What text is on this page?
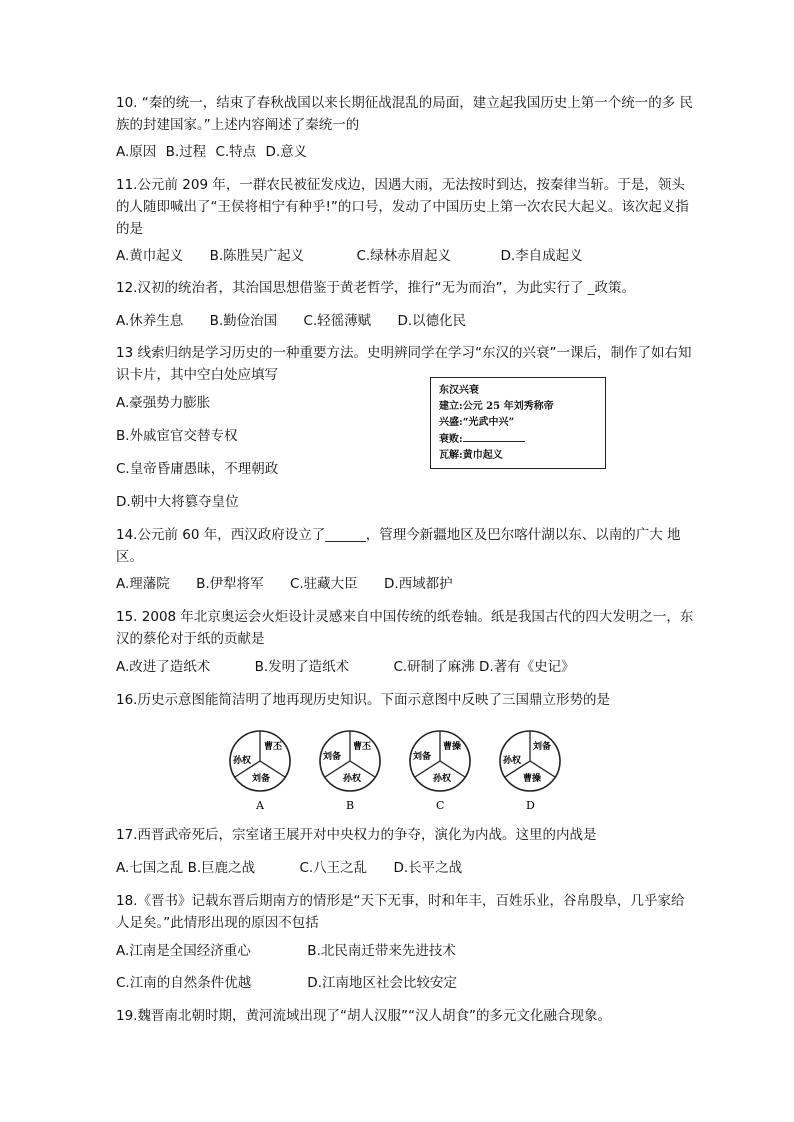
10. “秦的统一，结束了春秋战国以来长期征战混乱的局面，建立起我国历史上第一个统一的多 民族的封建国家。”上述内容阐述了秦统一的
A.原因 B.过程 C.特点 D.意义
11.公元前 209 年，一群农民被征发戍边，因遇大雨，无法按时到达，按秦律当斩。于是，领头的人随即喊出了“王侯将相宁有种乎!”的口号，发动了中国历史上第一次农民大起义。该次起义指的是
A.黄巾起义 B.陈胜吴广起义	C.绿林赤眉起义	D.李自成起义
12.汉初的统治者，其治国思想借鉴于黄老哲学，推行“无为而治”，为此实行了 _政策。
A.休养生息 B.勤俭治国 C.轻徭薄赋 D.以德化民
13 线索归纳是学习历史的一种重要方法。史明辨同学在学习“东汉的兴衰”一课后，制作了如右知识卡片，其中空白处应填写
A.豪强势力膨胀
B.外戚宦官交替专权
C.皇帝昏庸愚昧，不理朝政
D.朝中大将篡夺皇位
东汉兴衰
建立:公元 25 年刘秀称帝
兴盛:“光武中兴”
衰败:
瓦解:黄巾起义
14.公元前 60 年，西汉政府设立了______，管理今新疆地区及巴尔喀什湖以东、以南的广大 地区。
A.理藩院 B.伊犁将军 C.驻藏大臣 D.西域都护
15. 2008 年北京奥运会火炬设计灵感来自中国传统的纸卷轴。纸是我国古代的四大发明之一，东汉的蔡伦对于纸的贡献是
A.改进了造纸术	B.发明了造纸术	C.研制了麻沸 D.著有《史记》
16.历史示意图能简洁明了地再现历史知识。下面示意图中反映了三国鼎立形势的是
曹丕
孙权
刘备
A
曹丕
刘备
孙权
B
曹操
刘备
孙权
C
刘备
孙权
曹操
D
17.西晋武帝死后，宗室诸王展开对中央权力的争夺，演化为内战。这里的内战是
A.七国之乱 B.巨鹿之战	C.八王之乱 D.长平之战
18.《晋书》记载东晋后期南方的情形是“天下无事，时和年丰，百姓乐业，谷帛殷阜，几乎家给人足矣。”此情形出现的原因不包括
A.江南是全国经济重心	B.北民南迁带来先进技术
C.江南的自然条件优越	D.江南地区社会比较安定
19.魏晋南北朝时期，黄河流域出现了“胡人汉服”“汉人胡食”的多元文化融合现象。
